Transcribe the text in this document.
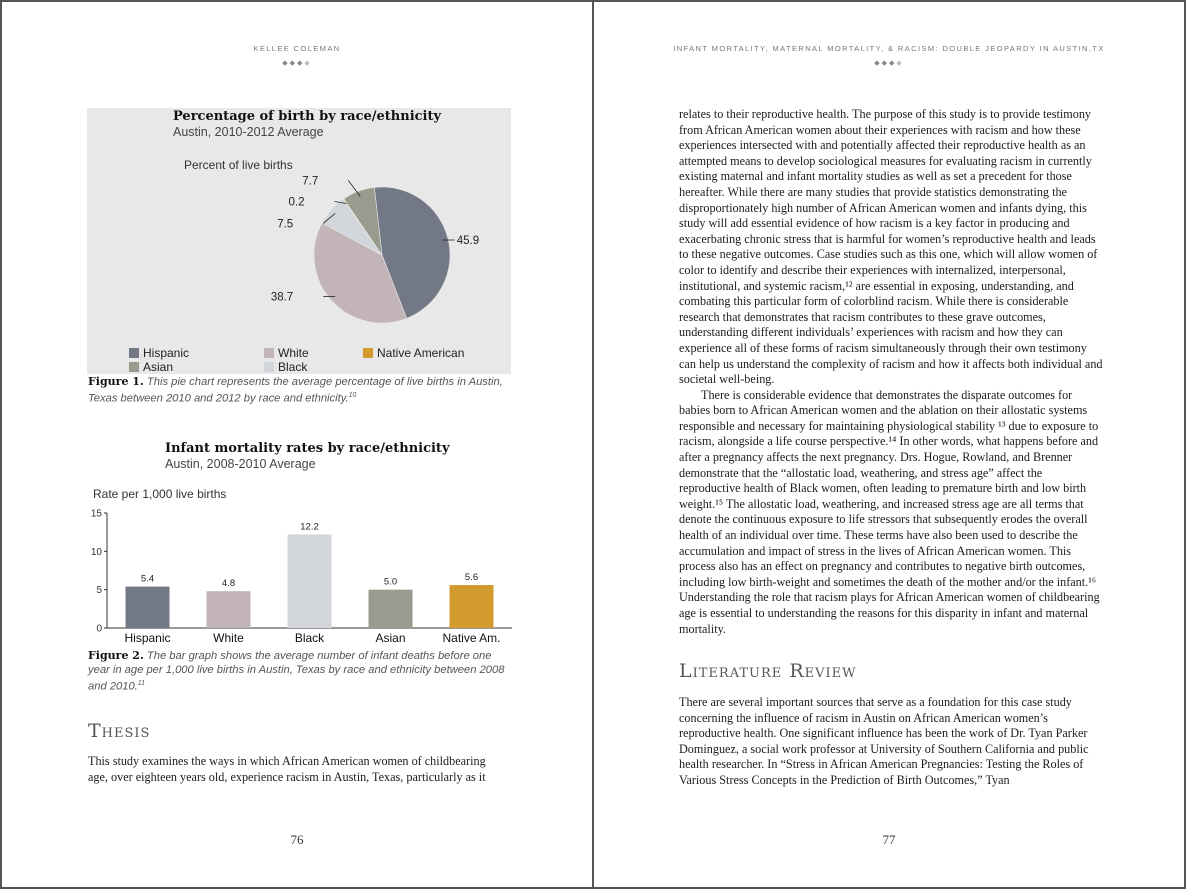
KELLEE COLEMAN
◆◆◆◆
Percentage of birth by race/ethnicity
Austin, 2010-2012 Average
Percent of live births
45.9
38.7
7.5
0.2
7.7
Hispanic	White	Native American
Asian	Black
Figure 1. This pie chart represents the average percentage of live births in Austin, Texas between 2010 and 2012 by race and ethnicity.$^{10}$
Infant mortality rates by race/ethnicity
Austin, 2008-2010 Average
Rate per 1,000 live births
0
5
10
15
5.4
Hispanic
4.8
White
12.2
Black
5.0
Asian
5.6
Native Am.
Figure 2. The bar graph shows the average number of infant deaths before one year in age per 1,000 live births in Austin, Texas by race and ethnicity between 2008 and 2010.11
Thesis

This study examines the ways in which African American women of childbearing age, over eighteen years old, experience racism in Austin, Texas, particularly as it

76
INFANT MORTALITY, MATERNAL MORTALITY, & RACISM: DOUBLE JEOPARDY IN AUSTIN,TX
◆◆◆◆

relates to their reproductive health. The purpose of this study is to provide testimony from African American women about their experiences with racism and how these experiences intersected with and potentially affected their reproductive health as an attempted means to develop sociological measures for evaluating racism in currently existing maternal and infant mortality studies as well as set a precedent for those hereafter. While there are many studies that provide statistics demonstrating the disproportionately high number of African American women and infants dying, this study will add essential evidence of how racism is a key factor in producing and exacerbating chronic stress that is harmful for women’s reproductive health and leads to these negative outcomes. Case studies such as this one, which will allow women of color to identify and describe their experiences with internalized, interpersonal, institutional, and systemic racism,¹² are essential in exposing, understanding, and combating this particular form of colorblind racism. While there is considerable research that demonstrates that racism contributes to these grave outcomes, understanding different individuals’ experiences with racism and how they can experience all of these forms of racism simultaneously through their own testimony can help us understand the complexity of racism and how it affects both individual and societal well-being.

There is considerable evidence that demonstrates the disparate outcomes for babies born to African American women and the ablation on their allostatic systems responsible and necessary for maintaining physiological stability ¹³ due to exposure to racism, alongside a life course perspective.¹⁴ In other words, what happens before and after a pregnancy affects the next pregnancy. Drs. Hogue, Rowland, and Brenner demonstrate that the “allostatic load, weathering, and stress age” affect the reproductive health of Black women, often leading to premature birth and low birth weight.¹⁵ The allostatic load, weathering, and increased stress age are all terms that denote the continuous exposure to life stressors that subsequently erodes the overall health of an individual over time. These terms have also been used to describe the accumulation and impact of stress in the lives of African American women. This process also has an effect on pregnancy and contributes to negative birth outcomes, including low birth-weight and sometimes the death of the mother and/or the infant.¹⁶ Understanding the role that racism plays for African American women of childbearing age is essential to understanding the reasons for this disparity in infant and maternal mortality.

Literature Review

There are several important sources that serve as a foundation for this case study concerning the influence of racism in Austin on African American women’s reproductive health. One significant influence has been the work of Dr. Tyan Parker Dominguez, a social work professor at University of Southern California and public health researcher. In “Stress in African American Pregnancies: Testing the Roles of Various Stress Concepts in the Prediction of Birth Outcomes,” Tyan

77
